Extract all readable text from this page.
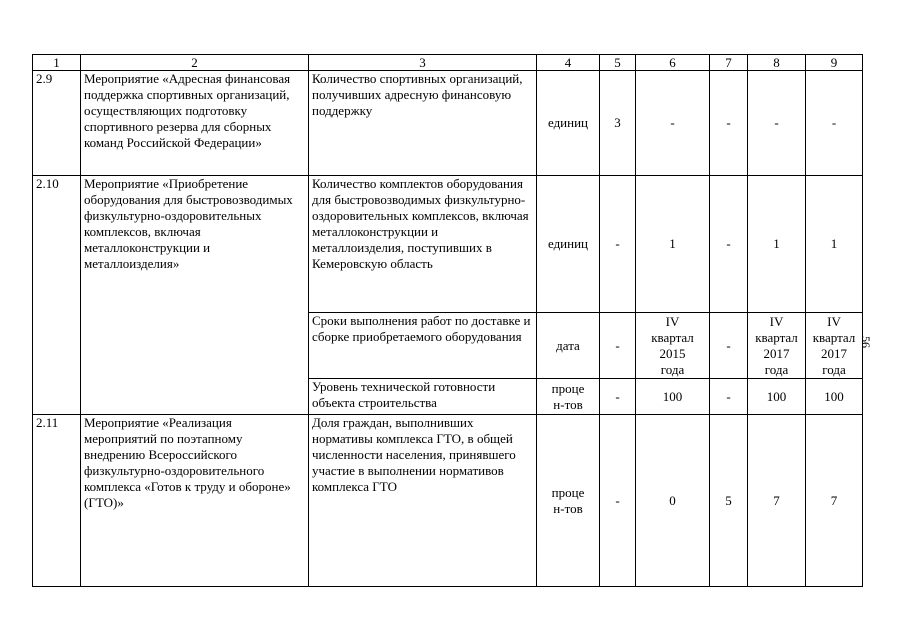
1	2	3	4	5	6	7	8	9
2.9	Мероприятие «Адресная финансовая поддержка спортивных организаций, осуществляющих подготовку спортивного резерва для сборных команд Российской Федерации»	Количество спортивных организаций, получивших адресную финансовую поддержку	единиц	3	-	-	-	-
2.10	Мероприятие «Приобретение оборудования для быстровозводимых физкультурно-оздоровительных комплексов, включая металлоконструкции и металлоизделия»	Количество комплектов оборудования для быстровозводимых физкультурно-оздоровительных комплексов, включая металлоконструкции и металлоизделия, поступивших в Кемеровскую область	единиц	-	1	-	1	1
		Сроки выполнения работ по доставке и сборке приобретаемого оборудования	дата	-	IV квартал 2015 года	-	IV квартал 2017 года	IV квартал 2017 года

		Уровень технической готовности объекта строительства	процен-тов	-	100	-	100	100
2.11	Мероприятие «Реализация мероприятий по поэтапному внедрению Всероссийского физкультурно-оздоровительного комплекса «Готов к труду и обороне» (ГТО)»	Доля граждан, выполнивших нормативы комплекса ГТО, в общей численности населения, принявшего участие в выполнении нормативов комплекса ГТО	процен-тов	-	0	5	7	7
56
